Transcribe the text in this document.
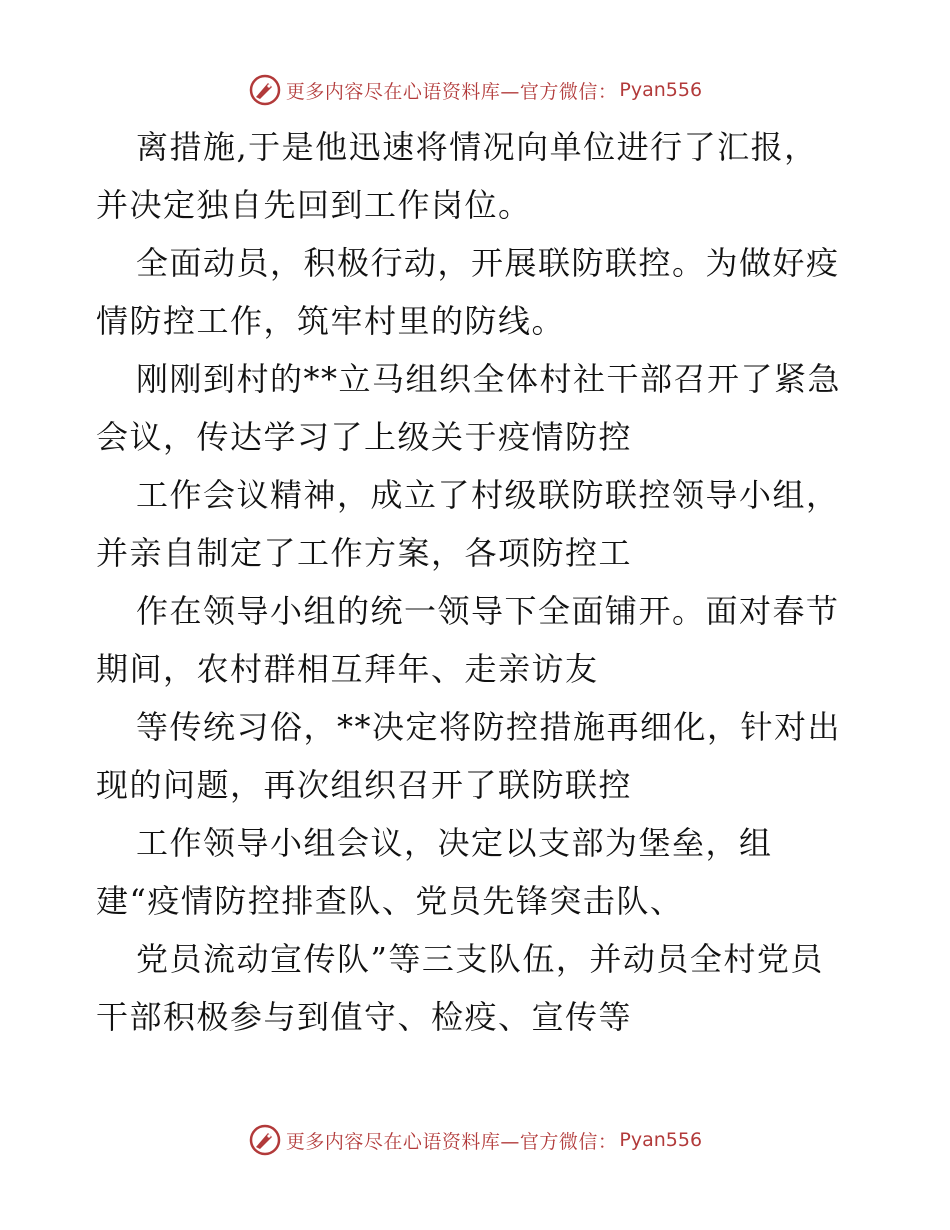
更多内容尽在心语资料库—官方微信： Pyan556
离措施,于是他迅速将情况向单位进行了汇报，
并决定独自先回到工作岗位。
全面动员，积极行动，开展联防联控。为做好疫
情防控工作，筑牢村里的防线。
刚刚到村的**立马组织全体村社干部召开了紧急
会议，传达学习了上级关于疫情防控
工作会议精神，成立了村级联防联控领导小组，
并亲自制定了工作方案，各项防控工
作在领导小组的统一领导下全面铺开。面对春节
期间，农村群相互拜年、走亲访友
等传统习俗，**决定将防控措施再细化，针对出
现的问题，再次组织召开了联防联控
工作领导小组会议，决定以支部为堡垒，组
建“疫情防控排查队、党员先锋突击队、
党员流动宣传队”等三支队伍，并动员全村党员
干部积极参与到值守、检疫、宣传等
更多内容尽在心语资料库—官方微信： Pyan556
